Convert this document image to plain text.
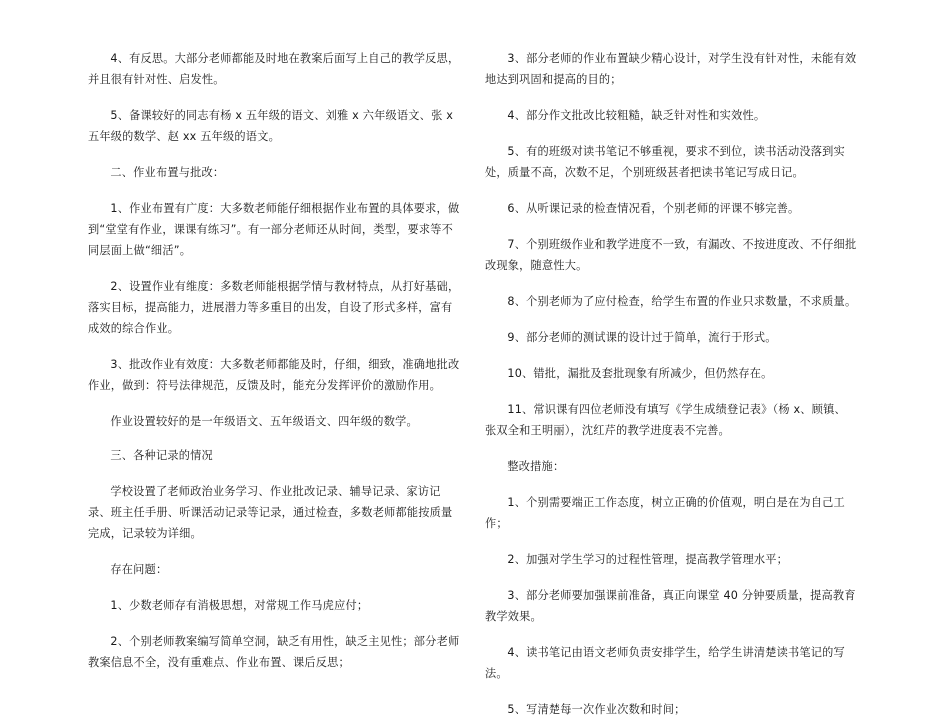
4、有反思。大部分老师都能及时地在教案后面写上自己的教学反思，并且很有针对性、启发性。

5、备课较好的同志有杨 x 五年级的语文、刘雅 x 六年级语文、张 x 五年级的数学、赵 xx 五年级的语文。

二、作业布置与批改：

1、作业布置有广度：大多数老师能仔细根据作业布置的具体要求，做到“堂堂有作业，课课有练习”。有一部分老师还从时间，类型，要求等不同层面上做“细活”。

2、设置作业有维度：多数老师能根据学情与教材特点，从打好基础，落实目标，提高能力，进展潜力等多重目的出发，自设了形式多样，富有成效的综合作业。

3、批改作业有效度：大多数老师都能及时，仔细，细致，准确地批改作业，做到：符号法律规范，反馈及时，能充分发挥评价的激励作用。

作业设置较好的是一年级语文、五年级语文、四年级的数学。

三、各种记录的情况

学校设置了老师政治业务学习、作业批改记录、辅导记录、家访记录、班主任手册、听课活动记录等记录，通过检查，多数老师都能按质量完成，记录较为详细。

存在问题：

1、少数老师存有消极思想，对常规工作马虎应付；

2、个别老师教案编写简单空洞，缺乏有用性，缺乏主见性；部分老师教案信息不全，没有重难点、作业布置、课后反思；

3、部分老师的作业布置缺少精心设计，对学生没有针对性，未能有效地达到巩固和提高的目的；

4、部分作文批改比较粗糙，缺乏针对性和实效性。

5、有的班级对读书笔记不够重视，要求不到位，读书活动没落到实处，质量不高，次数不足，个别班级甚者把读书笔记写成日记。

6、从听课记录的检查情况看，个别老师的评课不够完善。

7、个别班级作业和教学进度不一致，有漏改、不按进度改、不仔细批改现象，随意性大。

8、个别老师为了应付检查，给学生布置的作业只求数量，不求质量。

9、部分老师的测试课的设计过于简单，流行于形式。

10、错批，漏批及套批现象有所减少，但仍然存在。

11、常识课有四位老师没有填写《学生成绩登记表》（杨 x、顾镇、张双全和王明丽），沈红芹的教学进度表不完善。

整改措施：

1、个别需要端正工作态度，树立正确的价值观，明白是在为自己工作；

2、加强对学生学习的过程性管理，提高教学管理水平；

3、部分老师要加强课前准备，真正向课堂 40 分钟要质量，提高教育教学效果。

4、读书笔记由语文老师负责安排学生，给学生讲清楚读书笔记的写法。

5、写清楚每一次作业次数和时间；
